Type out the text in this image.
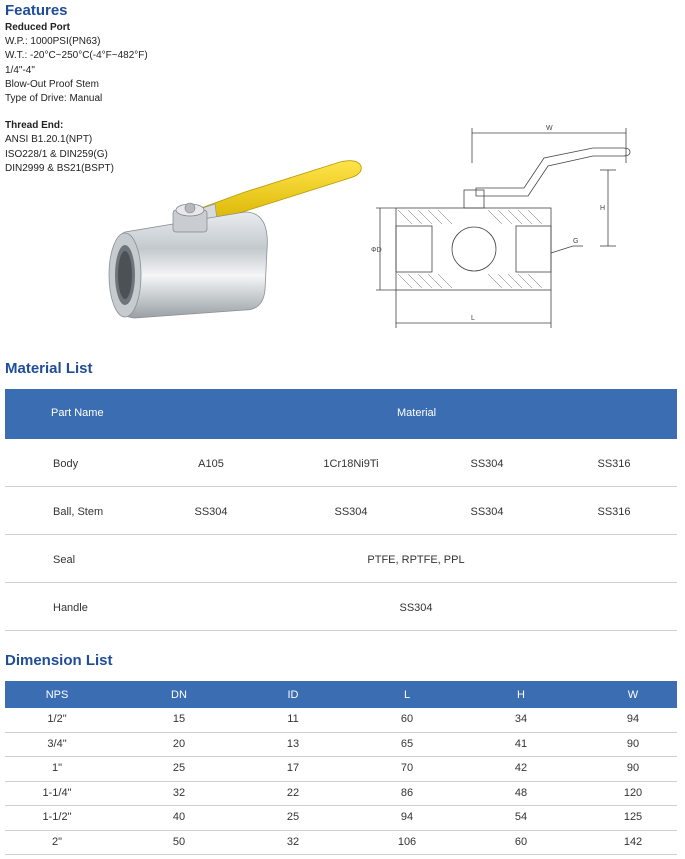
Features
Reduced Port
W.P.: 1000PSI(PN63)
W.T.: -20°C~250°C(-4°F~482°F)
1/4"-4"
Blow-Out Proof Stem
Type of Drive: Manual
Thread End:
ANSI B1.20.1(NPT)
ISO228/1 & DIN259(G)
DIN2999 & BS21(BSPT)
W
H
ΦD
G
L
Material List
Part Name	Material
Body	A105	1Cr18Ni9Ti	SS304	SS316
Ball, Stem	SS304	SS304	SS304	SS316
Seal	PTFE, RPTFE, PPL
Handle	SS304
Dimension List
NPS	DN	ID	L	H	W
1/2"	15	11	60	34	94
3/4"	20	13	65	41	90
1"	25	17	70	42	90
1-1/4"	32	22	86	48	120
1-1/2"	40	25	94	54	125
2"	50	32	106	60	142
